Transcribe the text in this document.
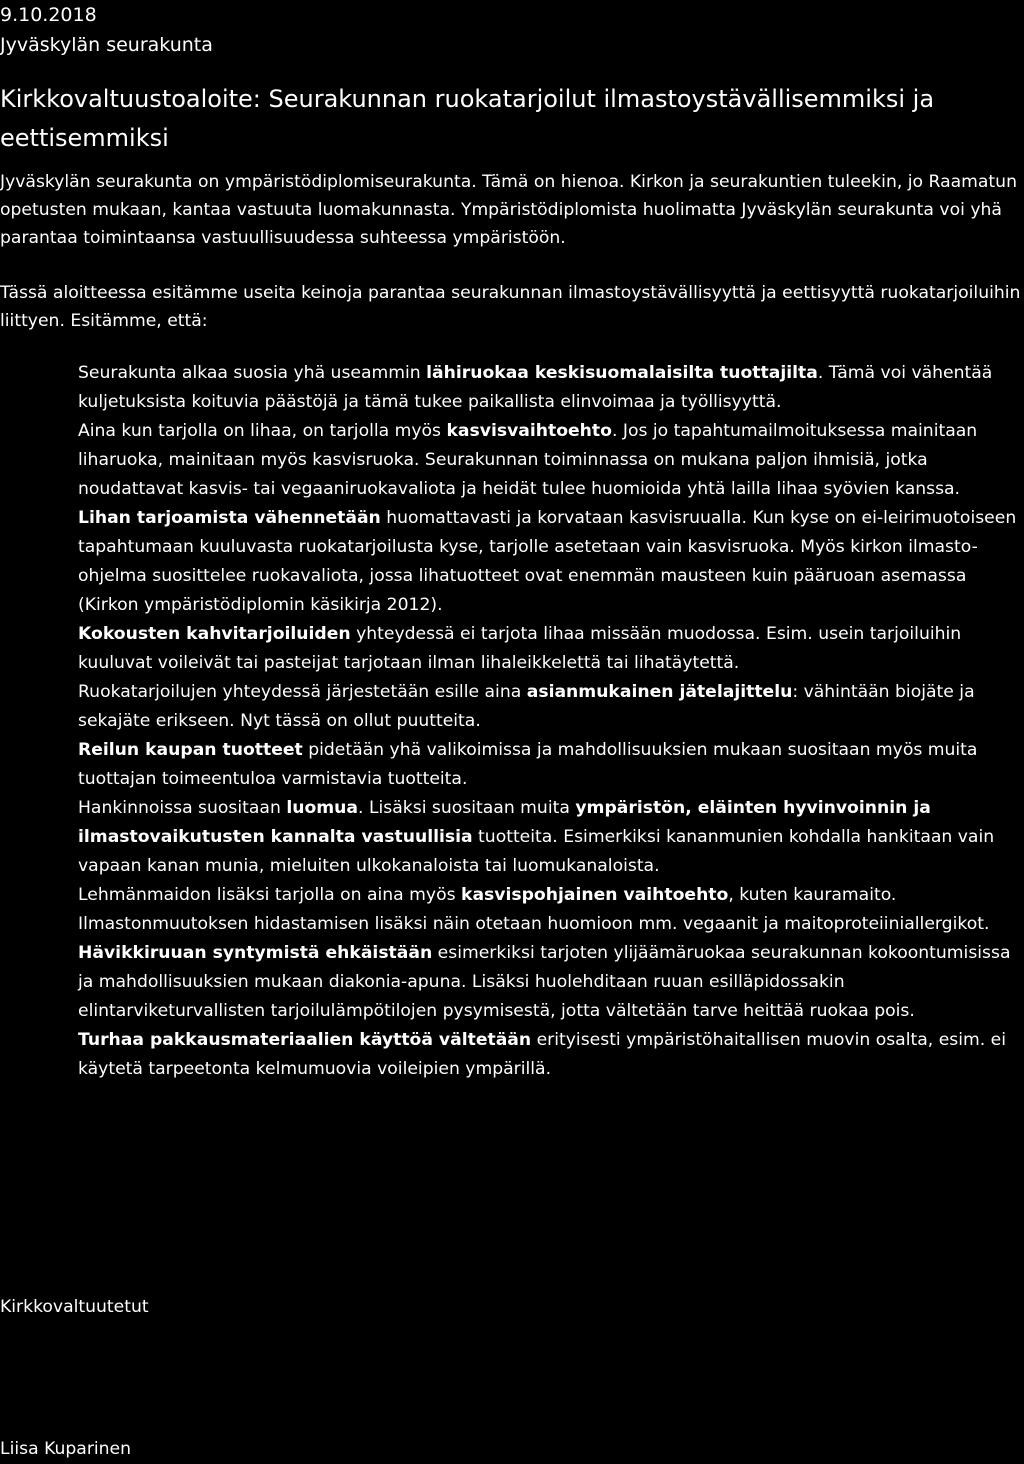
9.10.2018
Jyväskylän seurakunta
Kirkkovaltuustoaloite: Seurakunnan ruokatarjoilut ilmastoystävällisemmiksi ja eettisemmiksi

Jyväskylän seurakunta on ympäristödiplomiseurakunta. Tämä on hienoa. Kirkon ja seurakuntien tuleekin, jo Raamatun opetusten mukaan, kantaa vastuuta luomakunnasta. Ympäristödiplomista huolimatta Jyväskylän seurakunta voi yhä parantaa toimintaansa vastuullisuudessa suhteessa ympäristöön.

Tässä aloitteessa esitämme useita keinoja parantaa seurakunnan ilmastoystävällisyyttä ja eettisyyttä ruokatarjoiluihin liittyen. Esitämme, että:

Seurakunta alkaa suosia yhä useammin lähiruokaa keskisuomalaisilta tuottajilta. Tämä voi vähentää kuljetuksista koituvia päästöjä ja tämä tukee paikallista elinvoimaa ja työllisyyttä.

Aina kun tarjolla on lihaa, on tarjolla myös kasvisvaihtoehto. Jos jo tapahtumailmoituksessa mainitaan liharuoka, mainitaan myös kasvisruoka. Seurakunnan toiminnassa on mukana paljon ihmisiä, jotka noudattavat kasvis- tai vegaaniruokavaliota ja heidät tulee huomioida yhtä lailla lihaa syövien kanssa.

Lihan tarjoamista vähennetään huomattavasti ja korvataan kasvisruualla. Kun kyse on ei-leirimuotoiseen tapahtumaan kuuluvasta ruokatarjoilusta kyse, tarjolle asetetaan vain kasvisruoka. Myös kirkon ilmasto-ohjelma suosittelee ruokavaliota, jossa lihatuotteet ovat enemmän mausteen kuin pääruoan asemassa (Kirkon ympäristödiplomin käsikirja 2012).

Kokousten kahvitarjoiluiden yhteydessä ei tarjota lihaa missään muodossa. Esim. usein tarjoiluihin kuuluvat voileivät tai pasteijat tarjotaan ilman lihaleikkelettä tai lihatäytettä.

Ruokatarjoilujen yhteydessä järjestetään esille aina asianmukainen jätelajittelu: vähintään biojäte ja sekajäte erikseen. Nyt tässä on ollut puutteita.

Reilun kaupan tuotteet pidetään yhä valikoimissa ja mahdollisuuksien mukaan suositaan myös muita tuottajan toimeentuloa varmistavia tuotteita.

Hankinnoissa suositaan luomua. Lisäksi suositaan muita ympäristön, eläinten hyvinvoinnin ja ilmastovaikutusten kannalta vastuullisia tuotteita. Esimerkiksi kananmunien kohdalla hankitaan vain vapaan kanan munia, mieluiten ulkokanaloista tai luomukanaloista.

Lehmänmaidon lisäksi tarjolla on aina myös kasvispohjainen vaihtoehto, kuten kauramaito. Ilmastonmuutoksen hidastamisen lisäksi näin otetaan huomioon mm. vegaanit ja maitoproteiiniallergikot.

Hävikkiruuan syntymistä ehkäistään esimerkiksi tarjoten ylijäämäruokaa seurakunnan kokoontumisissa ja mahdollisuuksien mukaan diakonia-apuna. Lisäksi huolehditaan ruuan esilläpidossakin elintarviketurvallisten tarjoilulämpötilojen pysymisestä, jotta vältetään tarve heittää ruokaa pois.

Turhaa pakkausmateriaalien käyttöä vältetään erityisesti ympäristöhaitallisen muovin osalta, esim. ei käytetä tarpeetonta kelmumuovia voileipien ympärillä.

Kirkkovaltuutetut
Liisa Kuparinen
